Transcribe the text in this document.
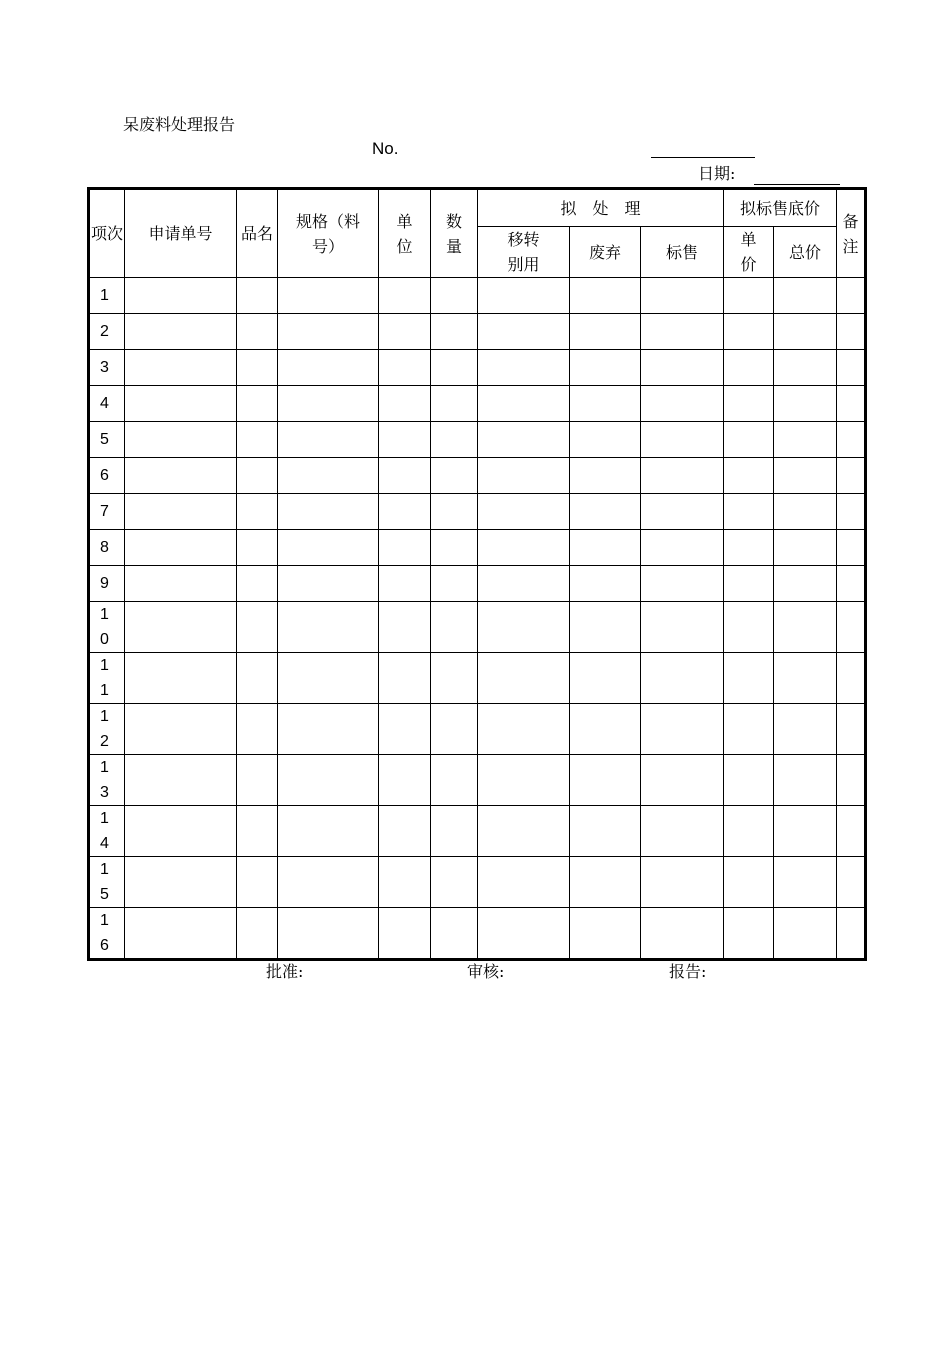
呆废料处理报告
No.
日期:
项次	申请单号	品名	规格（料号）	单位	数量	拟　处　理			拟标售底价		备注
						移转别用	废弃	标售	单价	总价	
1											
2											
3											
4											
5											
6											
7											
8											
9											
10											
11											
12											
13											
14											
15											
16											
批准:	审核:	报告:
